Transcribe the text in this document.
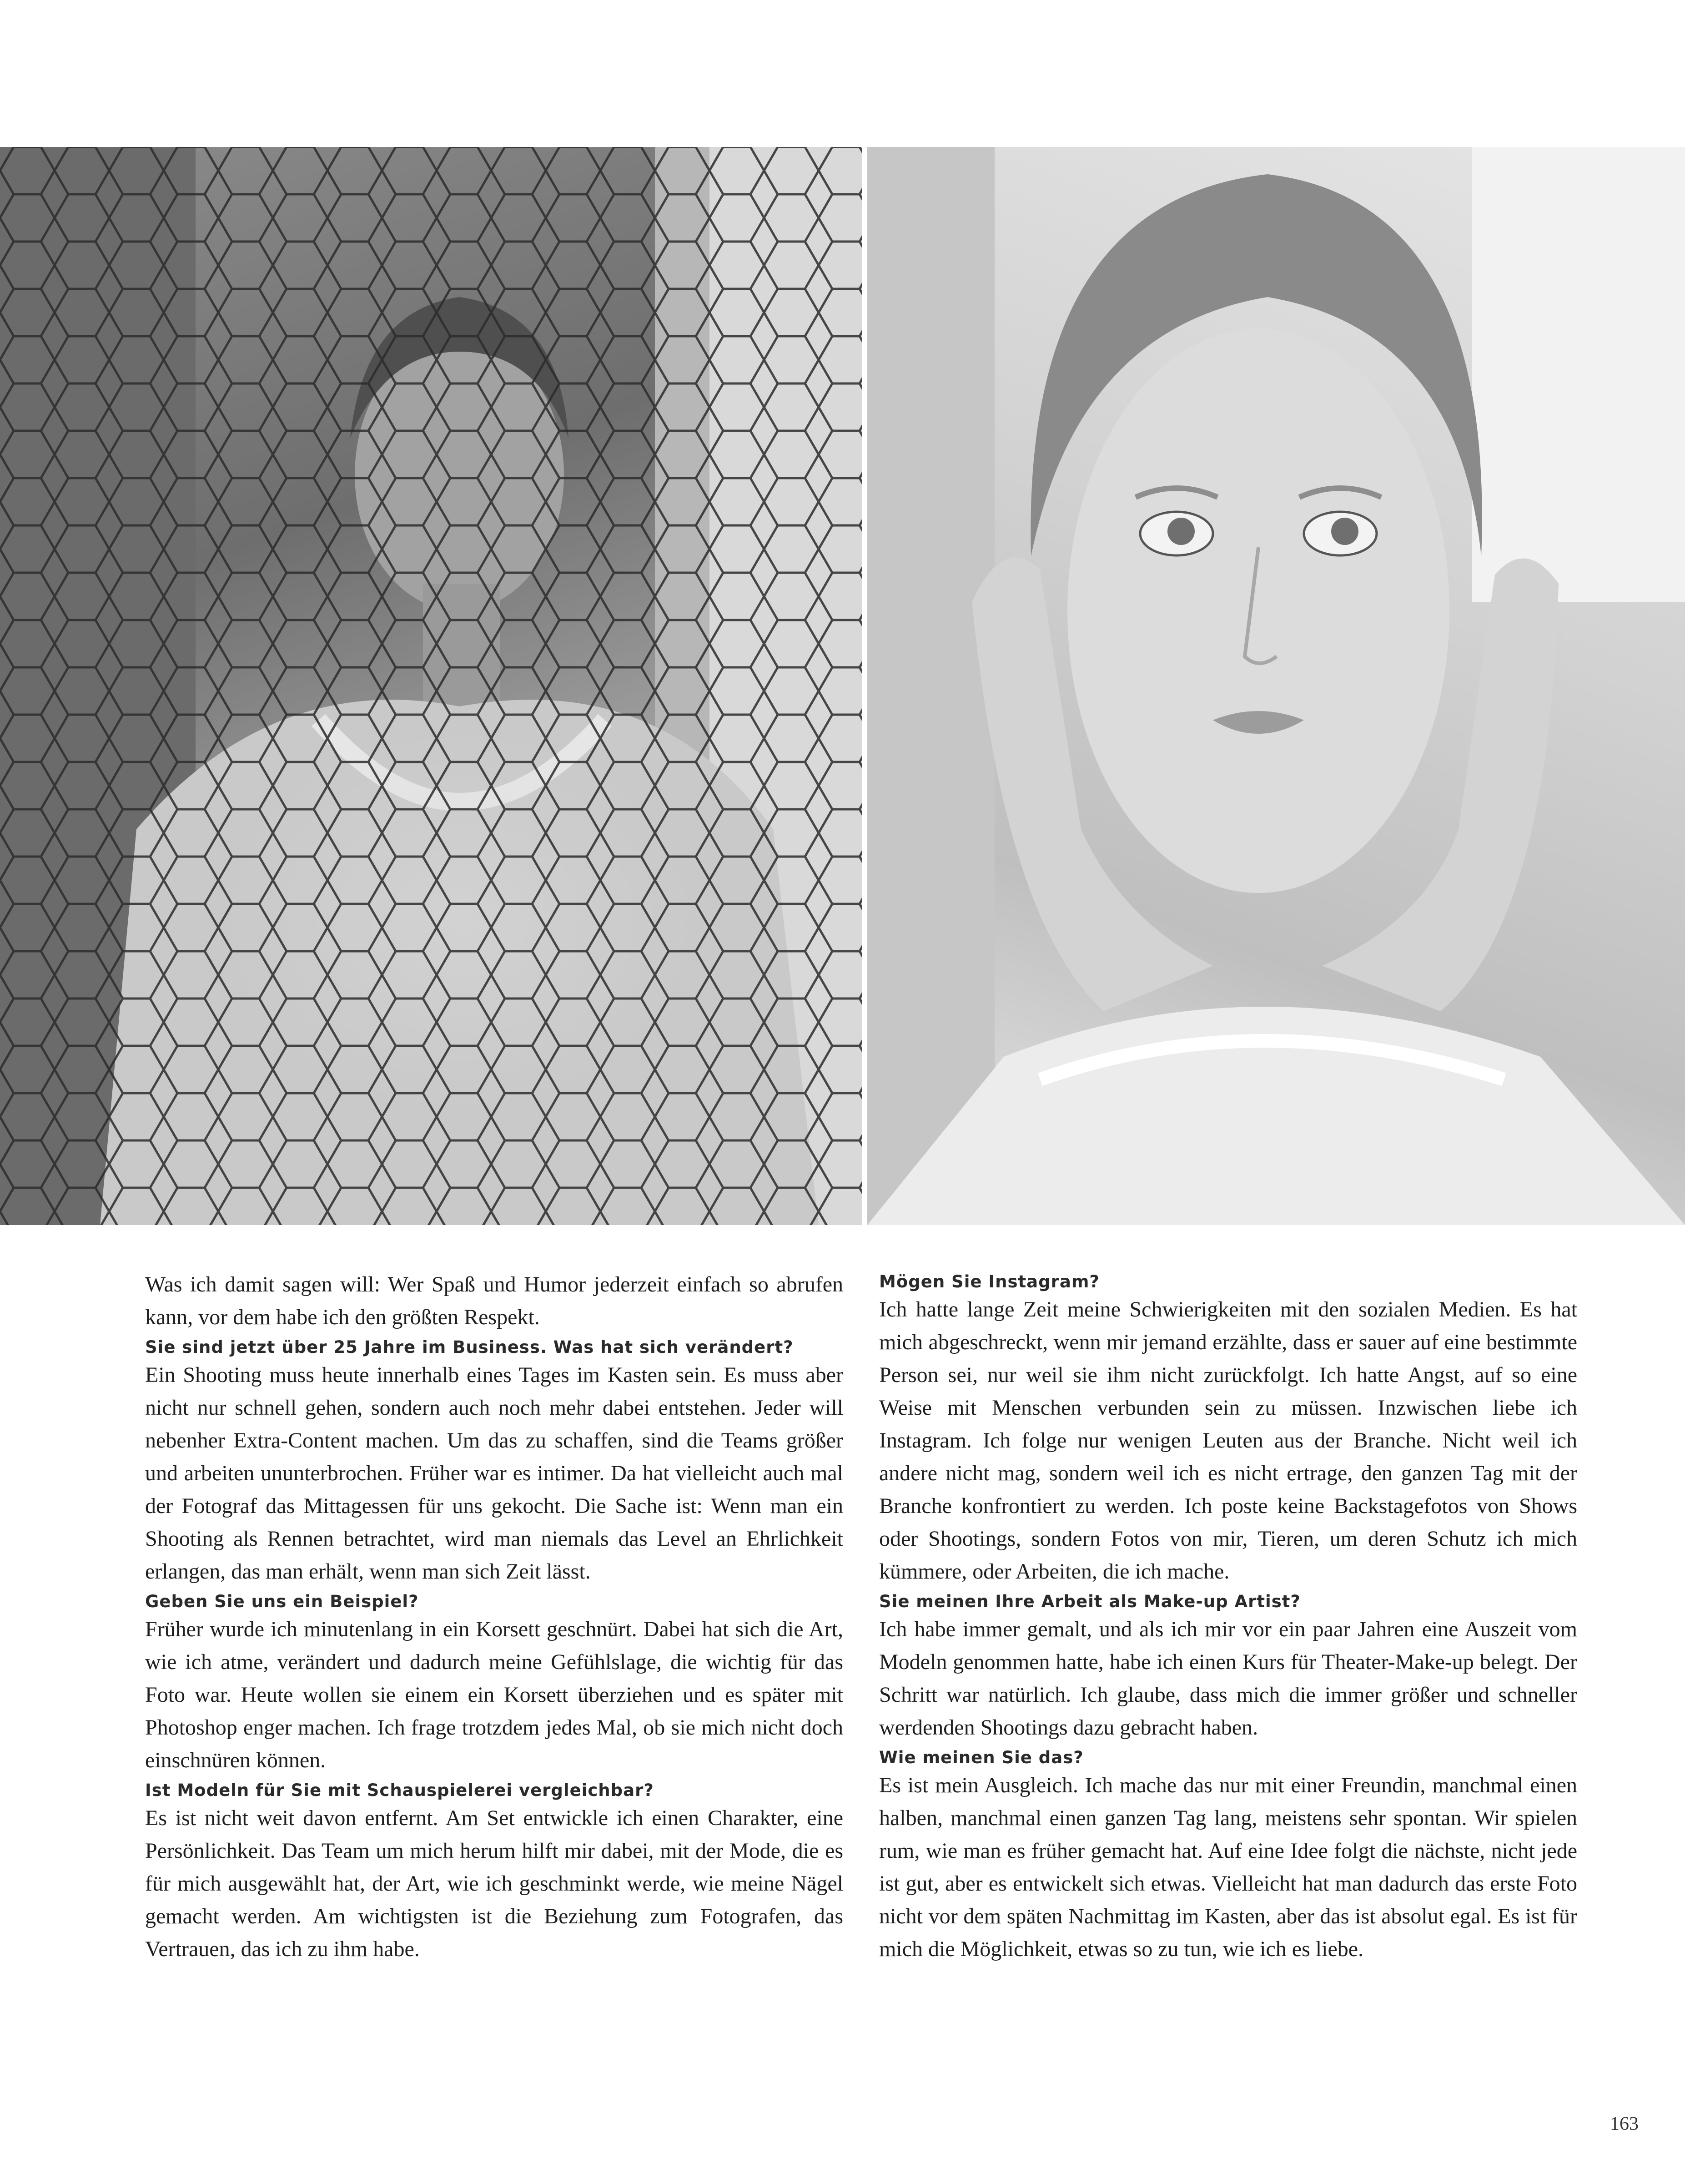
Was ich damit sagen will: Wer Spaß und Humor jederzeit einfach so abrufen kann, vor dem habe ich den größten Respekt.

Sie sind jetzt über 25 Jahre im Business. Was hat sich verändert?

Ein Shooting muss heute innerhalb eines Tages im Kasten sein. Es muss aber nicht nur schnell gehen, sondern auch noch mehr dabei entstehen. Jeder will nebenher Extra-Content machen. Um das zu schaffen, sind die Teams größer und arbeiten ununterbrochen. Früher war es intimer. Da hat vielleicht auch mal der Fotograf das Mittagessen für uns gekocht. Die Sache ist: Wenn man ein Shooting als Rennen betrachtet, wird man niemals das Level an Ehrlichkeit erlangen, das man erhält, wenn man sich Zeit lässt.

Geben Sie uns ein Beispiel?

Früher wurde ich minutenlang in ein Korsett geschnürt. Dabei hat sich die Art, wie ich atme, verändert und dadurch meine Gefühlslage, die wichtig für das Foto war. Heute wollen sie einem ein Korsett überziehen und es später mit Photoshop enger machen. Ich frage trotzdem jedes Mal, ob sie mich nicht doch einschnüren können.

Ist Modeln für Sie mit Schauspielerei vergleichbar?

Es ist nicht weit davon entfernt. Am Set entwickle ich einen Charakter, eine Persönlichkeit. Das Team um mich herum hilft mir dabei, mit der Mode, die es für mich ausgewählt hat, der Art, wie ich geschminkt werde, wie meine Nägel gemacht werden. Am wichtigsten ist die Beziehung zum Fotografen, das Vertrauen, das ich zu ihm habe.

Mögen Sie Instagram?

Ich hatte lange Zeit meine Schwierigkeiten mit den sozialen Medien. Es hat mich abgeschreckt, wenn mir jemand erzählte, dass er sauer auf eine bestimmte Person sei, nur weil sie ihm nicht zurückfolgt. Ich hatte Angst, auf so eine Weise mit Menschen verbunden sein zu müssen. Inzwischen liebe ich Instagram. Ich folge nur wenigen Leuten aus der Branche. Nicht weil ich andere nicht mag, sondern weil ich es nicht ertrage, den ganzen Tag mit der Branche konfrontiert zu werden. Ich poste keine Backstagefotos von Shows oder Shootings, sondern Fotos von mir, Tieren, um deren Schutz ich mich kümmere, oder Arbeiten, die ich mache.

Sie meinen Ihre Arbeit als Make-up Artist?

Ich habe immer gemalt, und als ich mir vor ein paar Jahren eine Auszeit vom Modeln genommen hatte, habe ich einen Kurs für Theater-Make-up belegt. Der Schritt war natürlich. Ich glaube, dass mich die immer größer und schneller werdenden Shootings dazu gebracht haben.

Wie meinen Sie das?

Es ist mein Ausgleich. Ich mache das nur mit einer Freundin, manchmal einen halben, manchmal einen ganzen Tag lang, meistens sehr spontan. Wir spielen rum, wie man es früher gemacht hat. Auf eine Idee folgt die nächste, nicht jede ist gut, aber es entwickelt sich etwas. Vielleicht hat man dadurch das erste Foto nicht vor dem späten Nachmittag im Kasten, aber das ist absolut egal. Es ist für mich die Möglichkeit, etwas so zu tun, wie ich es liebe.

163
